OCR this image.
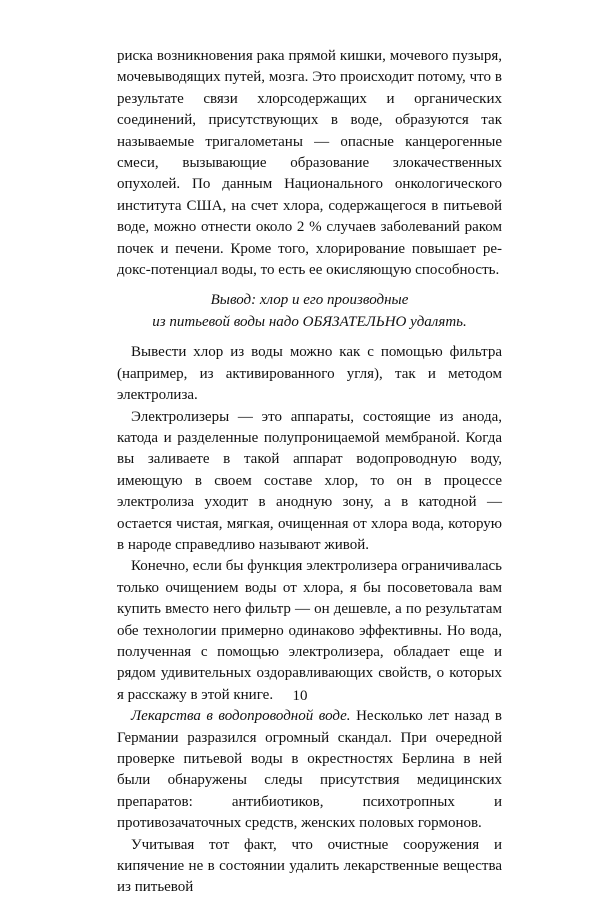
риска возникновения рака прямой кишки, мочевого пузыря, мочевыводящих путей, мозга. Это происходит потому, что в результате связи хлорсодержащих и органических соединений, присутствующих в воде, образуются так называемые тригалометаны — опасные канцерогенные смеси, вызывающие образование злокачественных опухолей. По данным Национального онкологического института США, на счет хлора, содержащегося в питьевой воде, можно отнести около 2 % случаев заболеваний раком почек и печени. Кроме того, хлорирование повышает редокс-потенциал воды, то есть ее окисляющую способность.

Вывод: хлор и его производные
из питьевой воды надо ОБЯЗАТЕЛЬНО удалять.

Вывести хлор из воды можно как с помощью фильтра (например, из активированного угля), так и методом электролиза.

Электролизеры — это аппараты, состоящие из анода, катода и разделенные полупроницаемой мембраной. Когда вы заливаете в такой аппарат водопроводную воду, имеющую в своем составе хлор, то он в процессе электролиза уходит в анодную зону, а в катодной — остается чистая, мягкая, очищенная от хлора вода, которую в народе справедливо называют живой.

Конечно, если бы функция электролизера ограничивалась только очищением воды от хлора, я бы посоветовала вам купить вместо него фильтр — он дешевле, а по результатам обе технологии примерно одинаково эффективны. Но вода, полученная с помощью электролизера, обладает еще и рядом удивительных оздоравливающих свойств, о которых я расскажу в этой книге.

Лекарства в водопроводной воде. Несколько лет назад в Германии разразился огромный скандал. При очередной проверке питьевой воды в окрестностях Берлина в ней были обнаружены следы присутствия медицинских препаратов: антибиотиков, психотропных и противозачаточных средств, женских половых гормонов.

Учитывая тот факт, что очистные сооружения и кипячение не в состоянии удалить лекарственные вещества из питьевой

10
